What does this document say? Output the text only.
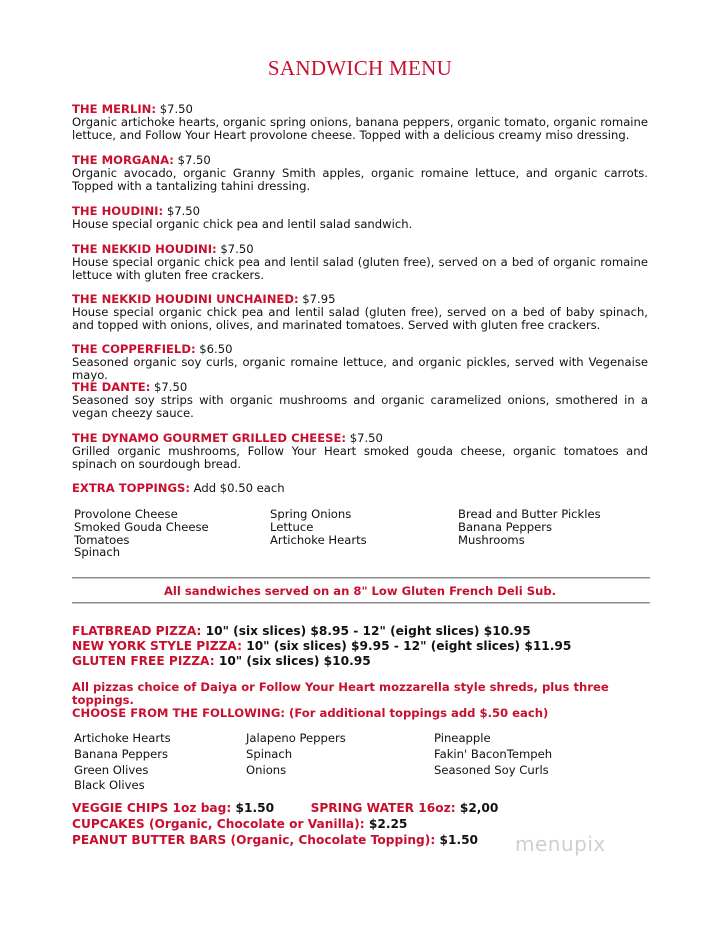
SANDWICH MENU
THE MERLIN: $7.50
Organic artichoke hearts, organic spring onions, banana peppers, organic tomato, organic romaine lettuce, and Follow Your Heart provolone cheese. Topped with a delicious creamy miso dressing.
THE MORGANA: $7.50
Organic avocado, organic Granny Smith apples, organic romaine lettuce, and organic carrots. Topped with a tantalizing tahini dressing.
THE HOUDINI: $7.50
House special organic chick pea and lentil salad sandwich.
THE NEKKID HOUDINI: $7.50
House special organic chick pea and lentil salad (gluten free), served on a bed of organic romaine lettuce with gluten free crackers.
THE NEKKID HOUDINI UNCHAINED: $7.95
House special organic chick pea and lentil salad (gluten free), served on a bed of baby spinach, and topped with onions, olives, and marinated tomatoes. Served with gluten free crackers.
THE COPPERFIELD: $6.50
Seasoned organic soy curls, organic romaine lettuce, and organic pickles, served with Vegenaise mayo.
THE DANTE: $7.50
Seasoned soy strips with organic mushrooms and organic caramelized onions, smothered in a vegan cheezy sauce.
THE DYNAMO GOURMET GRILLED CHEESE: $7.50
Grilled organic mushrooms, Follow Your Heart smoked gouda cheese, organic tomatoes and spinach on sourdough bread.
EXTRA TOPPINGS: Add $0.50 each
Provolone Cheese
Smoked Gouda Cheese
Tomatoes
Spinach
Spring Onions
Lettuce
Artichoke Hearts
Bread and Butter Pickles
Banana Peppers
Mushrooms
All sandwiches served on an 8" Low Gluten French Deli Sub.
FLATBREAD PIZZA: 10" (six slices) $8.95 - 12" (eight slices) $10.95
NEW YORK STYLE PIZZA: 10" (six slices) $9.95 - 12" (eight slices) $11.95
GLUTEN FREE PIZZA: 10" (six slices) $10.95
All pizzas choice of Daiya or Follow Your Heart mozzarella style shreds, plus three toppings.
CHOOSE FROM THE FOLLOWING: (For additional toppings add $.50 each)
Artichoke Hearts
Banana Peppers
Green Olives
Black Olives
Jalapeno Peppers
Spinach
Onions
Pineapple
Fakin' BaconTempeh
Seasoned Soy Curls
VEGGIE CHIPS 1oz bag: $1.50	SPRING WATER 16oz: $2,00
CUPCAKES (Organic, Chocolate or Vanilla): $2.25
PEANUT BUTTER BARS (Organic, Chocolate Topping): $1.50	menupix
